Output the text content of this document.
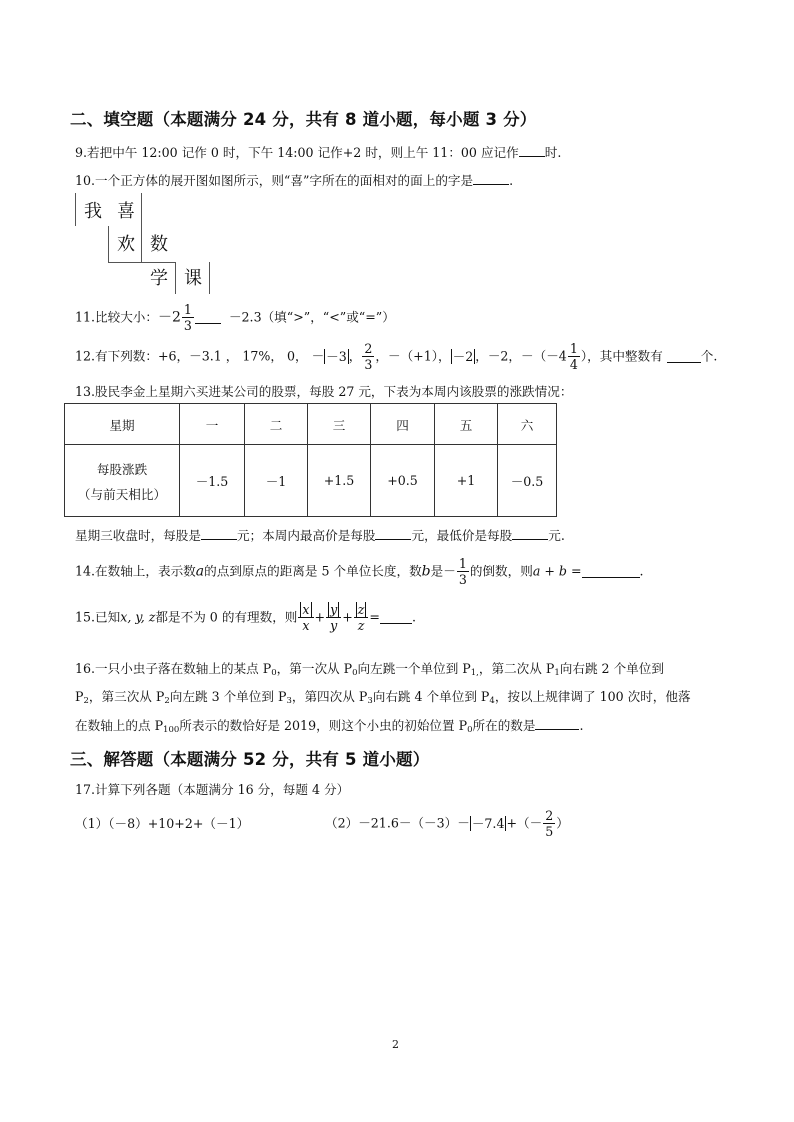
二、填空题（本题满分 24 分，共有 8 道小题，每小题 3 分）
9.若把中午 12:00 记作 0 时，下午 14:00 记作+2 时，则上午 11：00 应记作 时.
10.一个正方体的展开图如图所示，则“喜”字所在的面相对的面上的字是	.
我 喜
欢 数
学 课
11.比较大小：$-2 \frac{1}{3}$	－2.3（填“>”，“<”或“=”）
12.有下列数：+6，－3.1 ， 17%， 0， － －3 ， $\frac{2}{3}$ ，－（+1）， －2 ，－2，$-(-4 \frac{1}{4}$ ），其中整数有	个.
13.股民李金上星期六买进某公司的股票，每股 27 元，下表为本周内该股票的涨跌情况：
星期	一	二	三	四	五	六

每股涨跌
（与前天相比）	－1.5	－1	+1.5	+0.5	+1	－0.5
星期三收盘时，每股是	元；本周内最高价是每股	元，最低价是每股	元.
14.在数轴上，表示数a的点到原点的距离是 5 个单位长度，数b是－ $\frac{1}{3}$ 的倒数，则a + b =	.
15.已知x, y, z都是不为 0 的有理数，则 $\frac{x}{x} + \frac{y}{y} + \frac{z}{z}$ =	.
16.一只小虫子落在数轴上的某点 $P_0$，第一次从 $P_0$向左跳一个单位到 $P_{1,}$，第二次从 $P_1$向右跳 2 个单位到
$P_2$，第三次从 $P_2$向左跳 3 个单位到 $P_3$，第四次从 $P_3$向右跳 4 个单位到 $P_4$，按以上规律调了 100 次时，他落
在数轴上的点 $P_{100}$所表示的数恰好是 2019，则这个小虫的初始位置 $P_0$所在的数是	.
三、解答题（本题满分 52 分，共有 5 道小题）
17.计算下列各题（本题满分 16 分，每题 4 分）
（1）（－8）+10+2+（－1）	（2）－21.6－（－3）－ －7.4 +（－ $\frac{2}{5}$ ）
2
